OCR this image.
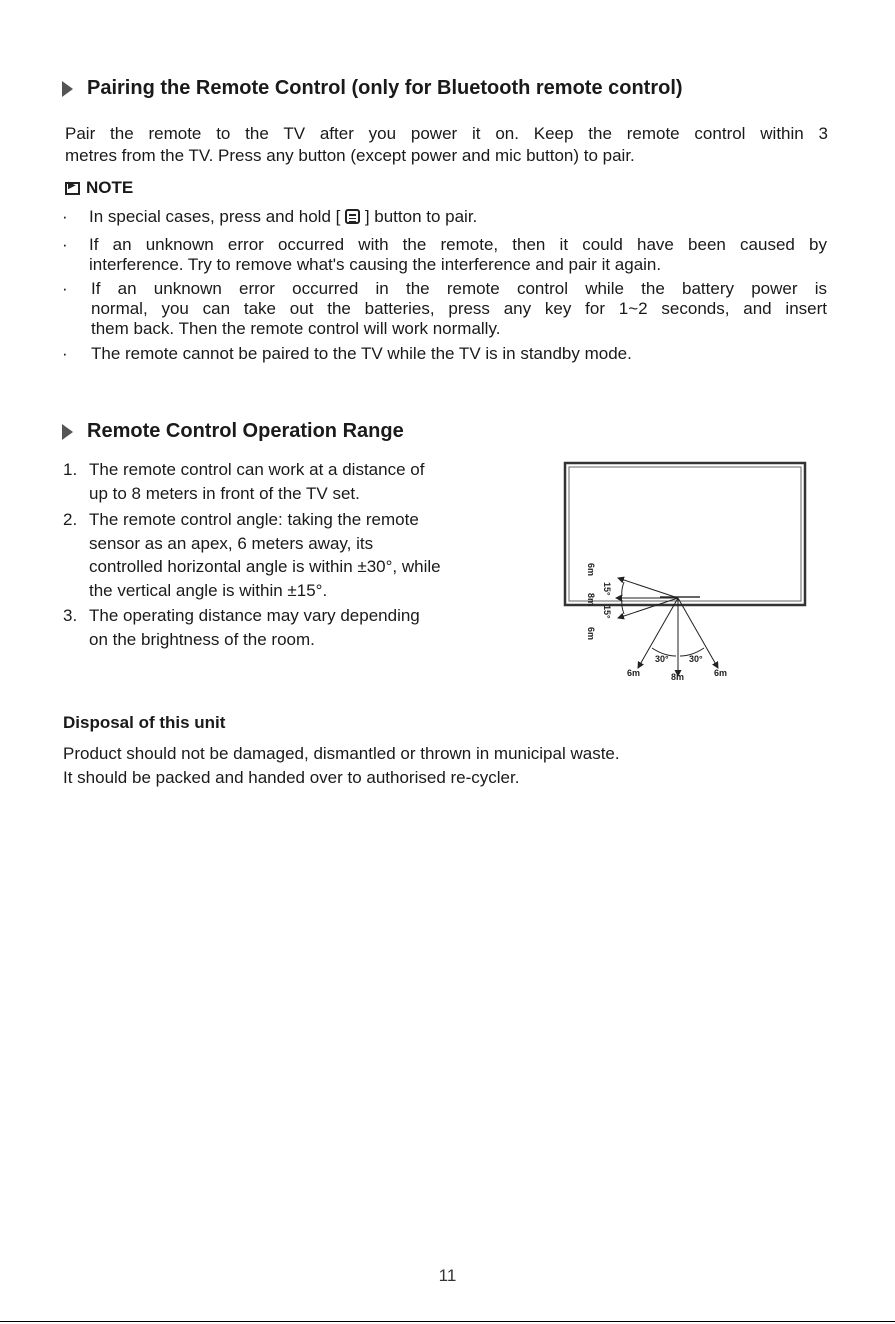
Pairing the Remote Control (only for Bluetooth remote control)
Pair the remote to the TV after you power it on. Keep the remote control within 3
metres from the TV. Press any button (except power and mic button) to pair.
▶
NOTE
· In special cases, press and hold [
] button to pair.
· If an unknown error occurred with the remote, then it could have been caused by
interference. Try to remove what's causing the interference and pair it again.
· If an unknown error occurred in the remote control while the battery power is
normal, you can take out the batteries, press any key for 1~2 seconds, and insert
them back. Then the remote control will work normally.
· The remote cannot be paired to the TV while the TV is in standby mode.
Remote Control Operation Range
1. The remote control can work at a distance of
up to 8 meters in front of the TV set.
2. The remote control angle: taking the remote
sensor as an apex, 6 meters away, its
controlled horizontal angle is within ±30°, while
the vertical angle is within ±15°.
3. The operating distance may vary depending
on the brightness of the room.
6m
15°
8m
15°
6m
30° 30°
6m	8m	6m
Disposal of this unit
Product should not be damaged, dismantled or thrown in municipal waste.
It should be packed and handed over to authorised re-cycler.
11
